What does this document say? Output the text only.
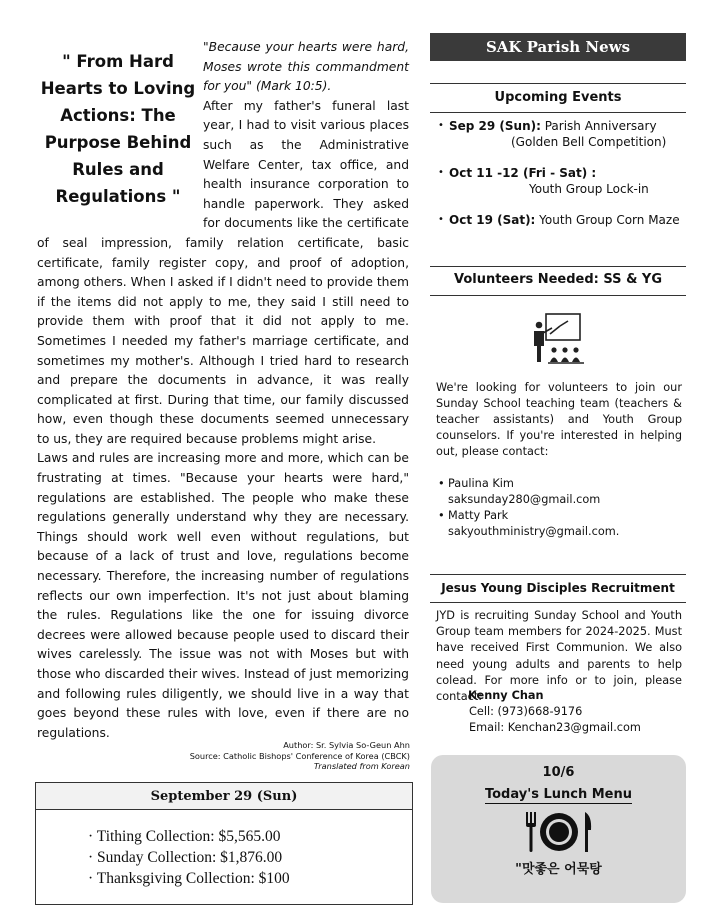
" From Hard Hearts to Loving Actions: The Purpose Behind Rules and Regulations "

"Because your hearts were hard, Moses wrote this commandment for you" (Mark 10:5).

After my father's funeral last year, I had to visit various places such as the Administrative Welfare Center, tax office, and health insurance corporation to handle paperwork. They asked for documents like the certificate of seal impression, family relation certificate, basic certificate, family register copy, and proof of adoption, among others. When I asked if I didn't need to provide them if the items did not apply to me, they said I still need to provide them with proof that it did not apply to me. Sometimes I needed my father's marriage certificate, and sometimes my mother's. Although I tried hard to research and prepare the documents in advance, it was really complicated at first. During that time, our family discussed how, even though these documents seemed unnecessary to us, they are required because problems might arise.

Laws and rules are increasing more and more, which can be frustrating at times. "Because your hearts were hard," regulations are established. The people who make these regulations generally understand why they are necessary. Things should work well even without regulations, but because of a lack of trust and love, regulations become necessary. Therefore, the increasing number of regulations reflects our own imperfection. It's not just about blaming the rules. Regulations like the one for issuing divorce decrees were allowed because people used to discard their wives carelessly. The issue was not with Moses but with those who discarded their wives. Instead of just memorizing and following rules diligently, we should live in a way that goes beyond these rules with love, even if there are no regulations.

Author: Sr. Sylvia So-Geun Ahn
Source: Catholic Bishops' Conference of Korea (CBCK)
Translated from Korean
September 29 (Sun)
· Tithing Collection: $5,565.00
· Sunday Collection: $1,876.00
· Thanksgiving Collection: $100
SAK Parish News
Upcoming Events
• Sep 29 (Sun): Parish Anniversary
(Golden Bell Competition)
• Oct 11 -12 (Fri - Sat) :
Youth Group Lock-in
• Oct 19 (Sat): Youth Group Corn Maze
Volunteers Needed: SS & YG
We're looking for volunteers to join our Sunday School teaching team (teachers & teacher assistants) and Youth Group counselors. If you're interested in helping out, please contact:
• Paulina Kim
saksunday280@gmail.com
• Matty Park
sakyouthministry@gmail.com.
Jesus Young Disciples Recruitment
JYD is recruiting Sunday School and Youth Group team members for 2024-2025. Must have received First Communion. We also need young adults and parents to help colead. For more info or to join, please contact:
Kenny Chan
Cell: (973)668-9176
Email: Kenchan23@gmail.com
10/6
Today's Lunch Menu
"맛좋은 어묵탕
